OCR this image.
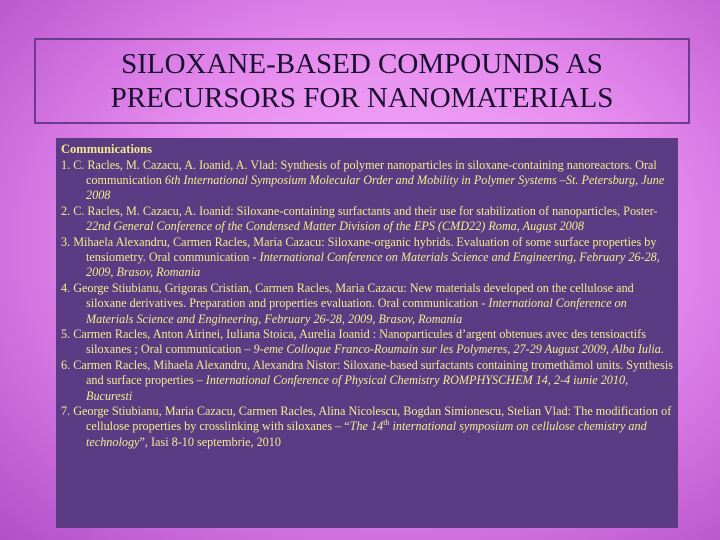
SILOXANE-BASED COMPOUNDS AS
PRECURSORS FOR NANOMATERIALS

Communications

1. C. Racles, M. Cazacu, A. Ioanid, A. Vlad: Synthesis of polymer nanoparticles in siloxane-containing nanoreactors. Oral communication 6th International Symposium Molecular Order and Mobility in Polymer Systems –St. Petersburg, June 2008
2. C. Racles, M. Cazacu, A. Ioanid: Siloxane-containing surfactants and their use for stabilization of nanoparticles, Poster- 22nd General Conference of the Condensed Matter Division of the EPS (CMD22) Roma, August 2008
3. Mihaela Alexandru, Carmen Racles, Maria Cazacu: Siloxane-organic hybrids. Evaluation of some surface properties by tensiometry. Oral communication - International Conference on Materials Science and Engineering, February 26-28, 2009, Brasov, Romania
4. George Stiubianu, Grigoras Cristian, Carmen Racles, Maria Cazacu: New materials developed on the cellulose and siloxane derivatives. Preparation and properties evaluation. Oral communication - International Conference on Materials Science and Engineering, February 26-28, 2009, Brasov, Romania
5. Carmen Racles, Anton Airinei, Iuliana Stoica, Aurelia Ioanid : Nanoparticules d’argent obtenues avec des tensioactifs siloxanes ; Oral communication – 9-eme Colloque Franco-Roumain sur les Polymeres, 27-29 August 2009, Alba Iulia.
6. Carmen Racles, Mihaela Alexandru, Alexandra Nistor: Siloxane-based surfactants containing tromethămol units. Synthesis and surface properties – International Conference of Physical Chemistry ROMPHYSCHEM 14, 2-4 iunie 2010, Bucuresti
7. George Stiubianu, Maria Cazacu, Carmen Racles, Alina Nicolescu, Bogdan Simionescu, Stelian Vlad: The modification of cellulose properties by crosslinking with siloxanes – “The 14th international symposium on cellulose chemistry and technology”, Iasi 8-10 septembrie, 2010
